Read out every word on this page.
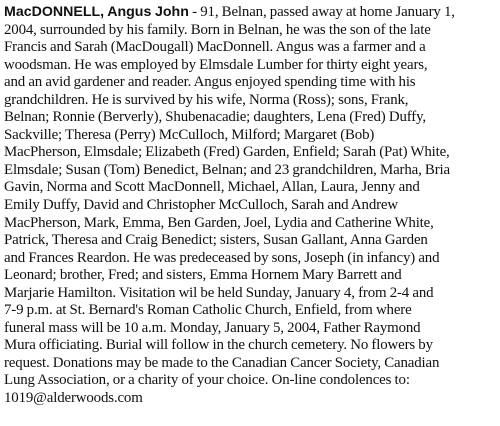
MacDONNELL, Angus John - 91, Belnan, passed away at home January 1,
2004, surrounded by his family. Born in Belnan, he was the son of the late
Francis and Sarah (MacDougall) MacDonnell. Angus was a farmer and a
woodsman. He was employed by Elmsdale Lumber for thirty eight years,
and an avid gardener and reader. Angus enjoyed spending time with his
grandchildren. He is survived by his wife, Norma (Ross); sons, Frank,
Belnan; Ronnie (Berverly), Shubenacadie; daughters, Lena (Fred) Duffy,
Sackville; Theresa (Perry) McCulloch, Milford; Margaret (Bob)
MacPherson, Elmsdale; Elizabeth (Fred) Garden, Enfield; Sarah (Pat) White,
Elmsdale; Susan (Tom) Benedict, Belnan; and 23 grandchildren, Marha, Bria
Gavin, Norma and Scott MacDonnell, Michael, Allan, Laura, Jenny and
Emily Duffy, David and Christopher McCulloch, Sarah and Andrew
MacPherson, Mark, Emma, Ben Garden, Joel, Lydia and Catherine White,
Patrick, Theresa and Craig Benedict; sisters, Susan Gallant, Anna Garden
and Frances Reardon. He was predeceased by sons, Joseph (in infancy) and
Leonard; brother, Fred; and sisters, Emma Hornem Mary Barrett and
Marjarie Hamilton. Visitation wil be held Sunday, January 4, from 2-4 and
7-9 p.m. at St. Bernard's Roman Catholic Church, Enfield, from where
funeral mass will be 10 a.m. Monday, January 5, 2004, Father Raymond
Mura officiating. Burial will follow in the church cemetery. No flowers by
request. Donations may be made to the Canadian Cancer Society, Canadian
Lung Association, or a charity of your choice. On-line condolences to:
1019@alderwoods.com
